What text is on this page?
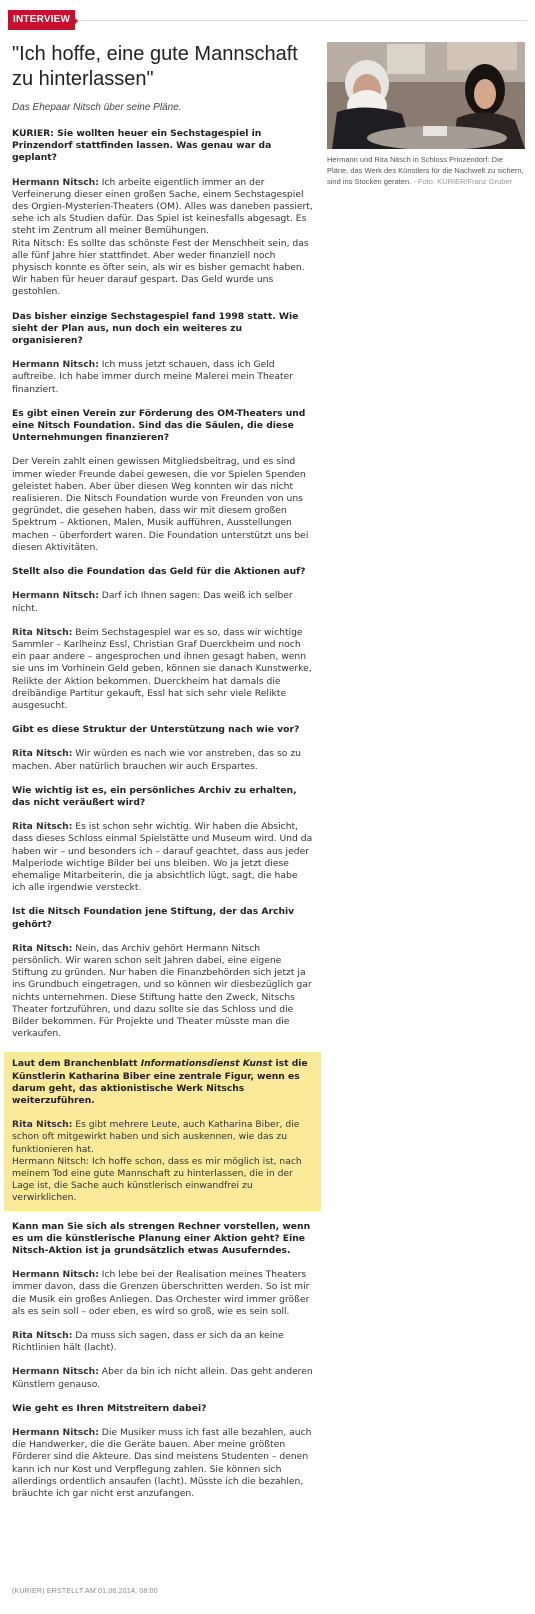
INTERVIEW
"Ich hoffe, eine gute Mannschaft zu hinterlassen"

Das Ehepaar Nitsch über seine Pläne.

Hermann und Rita Nitsch in Schloss Prinzendorf: Die Pläne, das Werk des Künstlers für die Nachwelt zu sichern, sind ins Stocken geraten. - Foto: KURIER/Franz Gruber

KURIER: Sie wollten heuer ein Sechstagespiel in Prinzendorf stattfinden lassen. Was genau war da geplant?

Hermann Nitsch: Ich arbeite eigentlich immer an der Verfeinerung dieser einen großen Sache, einem Sechstagespiel des Orgien-Mysterien-Theaters (OM). Alles was daneben passiert, sehe ich als Studien dafür. Das Spiel ist keinesfalls abgesagt. Es steht im Zentrum all meiner Bemühungen.
Rita Nitsch: Es sollte das schönste Fest der Menschheit sein, das alle fünf Jahre hier stattfindet. Aber weder finanziell noch physisch konnte es öfter sein, als wir es bisher gemacht haben. Wir haben für heuer darauf gespart. Das Geld wurde uns gestohlen.

Das bisher einzige Sechstagespiel fand 1998 statt. Wie sieht der Plan aus, nun doch ein weiteres zu organisieren?

Hermann Nitsch: Ich muss jetzt schauen, dass ich Geld auftreibe. Ich habe immer durch meine Malerei mein Theater finanziert.

Es gibt einen Verein zur Förderung des OM-Theaters und eine Nitsch Foundation. Sind das die Säulen, die diese Unternehmungen finanzieren?

Der Verein zahlt einen gewissen Mitgliedsbeitrag, und es sind immer wieder Freunde dabei gewesen, die vor Spielen Spenden geleistet haben. Aber über diesen Weg konnten wir das nicht realisieren. Die Nitsch Foundation wurde von Freunden von uns gegründet, die gesehen haben, dass wir mit diesem großen Spektrum – Aktionen, Malen, Musik aufführen, Ausstellungen machen – überfordert waren. Die Foundation unterstützt uns bei diesen Aktivitäten.

Stellt also die Foundation das Geld für die Aktionen auf?

Hermann Nitsch: Darf ich Ihnen sagen: Das weiß ich selber nicht.

Rita Nitsch: Beim Sechstagespiel war es so, dass wir wichtige Sammler – Karlheinz Essl, Christian Graf Duerckheim und noch ein paar andere – angesprochen und ihnen gesagt haben, wenn sie uns im Vorhinein Geld geben, können sie danach Kunstwerke, Relikte der Aktion bekommen. Duerckheim hat damals die dreibändige Partitur gekauft, Essl hat sich sehr viele Relikte ausgesucht.

Gibt es diese Struktur der Unterstützung nach wie vor?

Rita Nitsch: Wir würden es nach wie vor anstreben, das so zu machen. Aber natürlich brauchen wir auch Erspartes.

Wie wichtig ist es, ein persönliches Archiv zu erhalten, das nicht veräußert wird?

Rita Nitsch: Es ist schon sehr wichtig. Wir haben die Absicht, dass dieses Schloss einmal Spielstätte und Museum wird. Und da haben wir – und besonders ich – darauf geachtet, dass aus jeder Malperiode wichtige Bilder bei uns bleiben. Wo ja jetzt diese ehemalige Mitarbeiterin, die ja absichtlich lügt, sagt, die habe ich alle irgendwie versteckt.

Ist die Nitsch Foundation jene Stiftung, der das Archiv gehört?

Rita Nitsch: Nein, das Archiv gehört Hermann Nitsch persönlich. Wir waren schon seit Jahren dabei, eine eigene Stiftung zu gründen. Nur haben die Finanzbehörden sich jetzt ja ins Grundbuch eingetragen, und so können wir diesbezüglich gar nichts unternehmen. Diese Stiftung hatte den Zweck, Nitschs Theater fortzuführen, und dazu sollte sie das Schloss und die Bilder bekommen. Für Projekte und Theater müsste man die verkaufen.

Laut dem Branchenblatt Informationsdienst Kunst ist die Künstlerin Katharina Biber eine zentrale Figur, wenn es darum geht, das aktionistische Werk Nitschs weiterzuführen.

Rita Nitsch: Es gibt mehrere Leute, auch Katharina Biber, die schon oft mitgewirkt haben und sich auskennen, wie das zu funktionieren hat.
Hermann Nitsch: Ich hoffe schon, dass es mir möglich ist, nach meinem Tod eine gute Mannschaft zu hinterlassen, die in der Lage ist, die Sache auch künstlerisch einwandfrei zu verwirklichen.

Kann man Sie sich als strengen Rechner vorstellen, wenn es um die künstlerische Planung einer Aktion geht? Eine Nitsch-Aktion ist ja grundsätzlich etwas Ausuferndes.

Hermann Nitsch: Ich lebe bei der Realisation meines Theaters immer davon, dass die Grenzen überschritten werden. So ist mir die Musik ein großes Anliegen. Das Orchester wird immer größer als es sein soll – oder eben, es wird so groß, wie es sein soll.

Rita Nitsch: Da muss sich sagen, dass er sich da an keine Richtlinien hält (lacht).

Hermann Nitsch: Aber da bin ich nicht allein. Das geht anderen Künstlern genauso.

Wie geht es Ihren Mitstreitern dabei?

Hermann Nitsch: Die Musiker muss ich fast alle bezahlen, auch die Handwerker, die die Geräte bauen. Aber meine größten Förderer sind die Akteure. Das sind meistens Studenten – denen kann ich nur Kost und Verpflegung zahlen. Sie können sich allerdings ordentlich ansaufen (lacht). Müsste ich die bezahlen, bräuchte ich gar nicht erst anzufangen.

(KURIER) ERSTELLT AM 01.06.2014, 08:00
